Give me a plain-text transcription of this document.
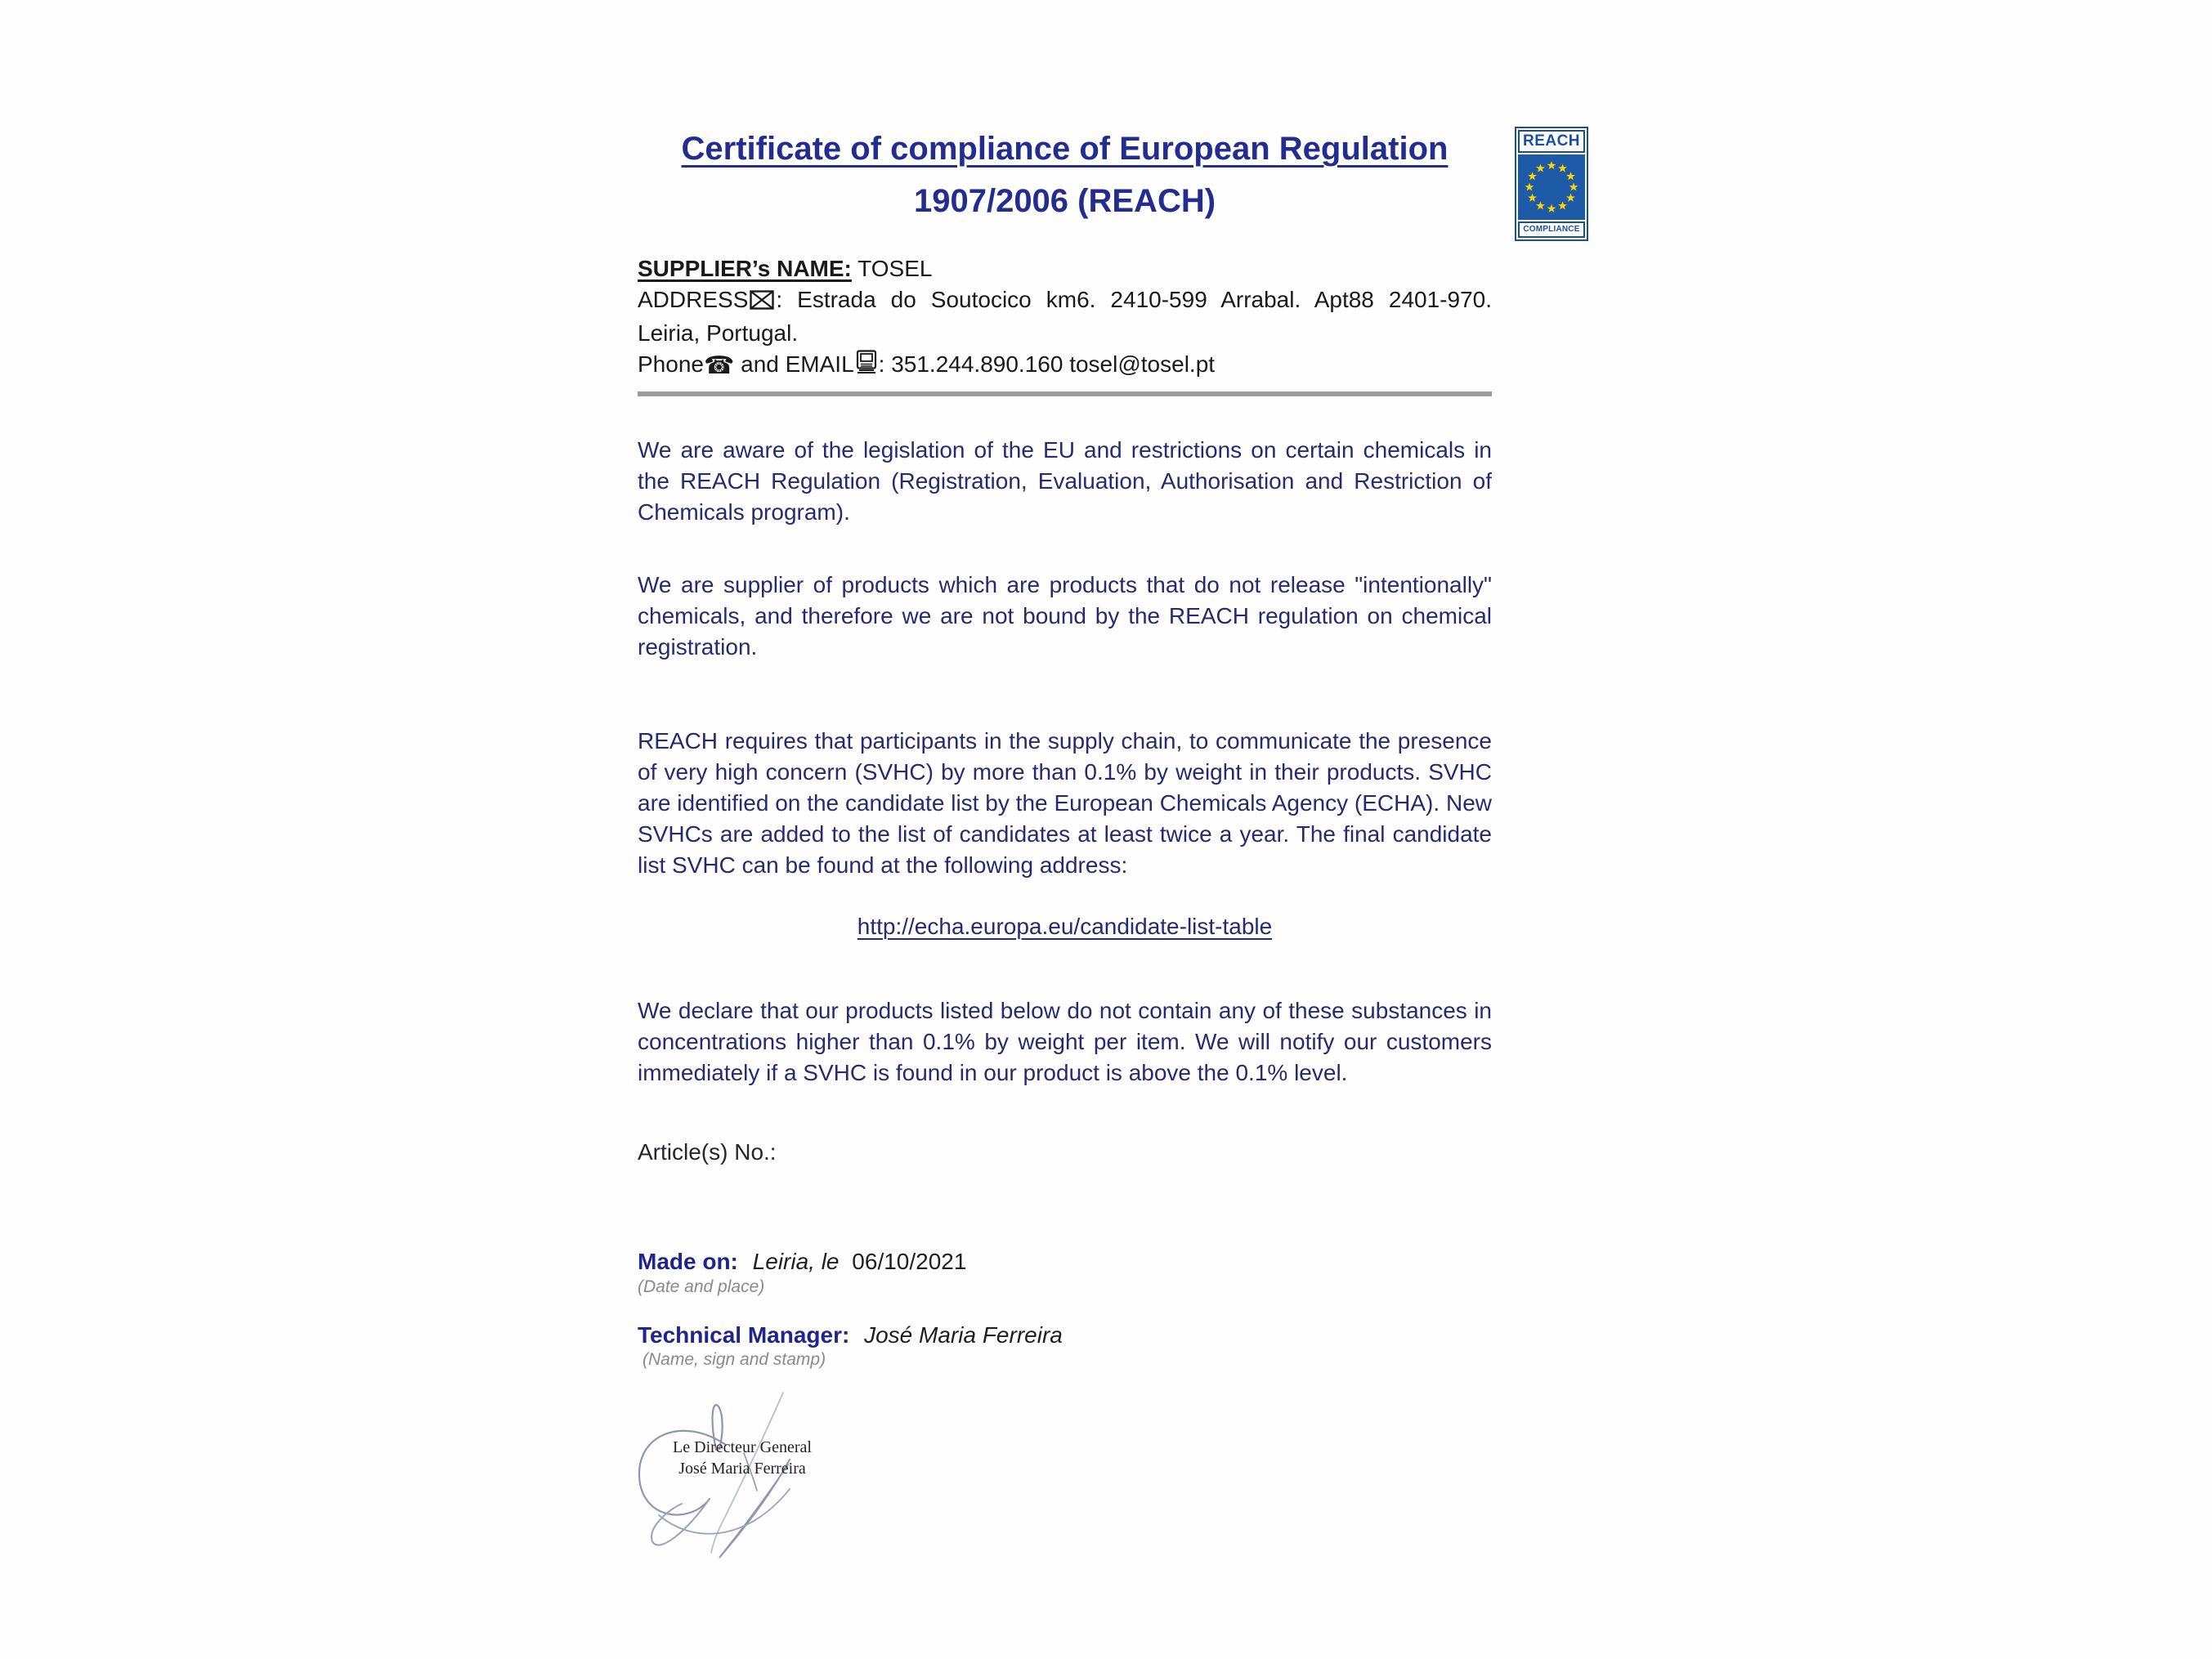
REACH
COMPLIANCE
Certificate of compliance of European Regulation
1907/2006 (REACH)
SUPPLIER’s NAME: TOSEL
ADDRESS : Estrada do Soutocico km6. 2410-599 Arrabal. Apt88 2401-970. Leiria, Portugal.
Phone☎ and EMAIL : 351.244.890.160 tosel@tosel.pt

We are aware of the legislation of the EU and restrictions on certain chemicals in the REACH Regulation (Registration, Evaluation, Authorisation and Restriction of Chemicals program).

We are supplier of products which are products that do not release "intentionally" chemicals, and therefore we are not bound by the REACH regulation on chemical registration.

REACH requires that participants in the supply chain, to communicate the presence of very high concern (SVHC) by more than 0.1% by weight in their products. SVHC are identified on the candidate list by the European Chemicals Agency (ECHA). New SVHCs are added to the list of candidates at least twice a year. The final candidate list SVHC can be found at the following address:

http://echa.europa.eu/candidate-list-table

We declare that our products listed below do not contain any of these substances in concentrations higher than 0.1% by weight per item. We will notify our customers immediately if a SVHC is found in our product is above the 0.1% level.

Article(s) No.:

Made on: Leiria, le 06/10/2021

(Date and place)

Technical Manager: José Maria Ferreira

(Name, sign and stamp)

Le Directeur General
José Maria Ferreira
